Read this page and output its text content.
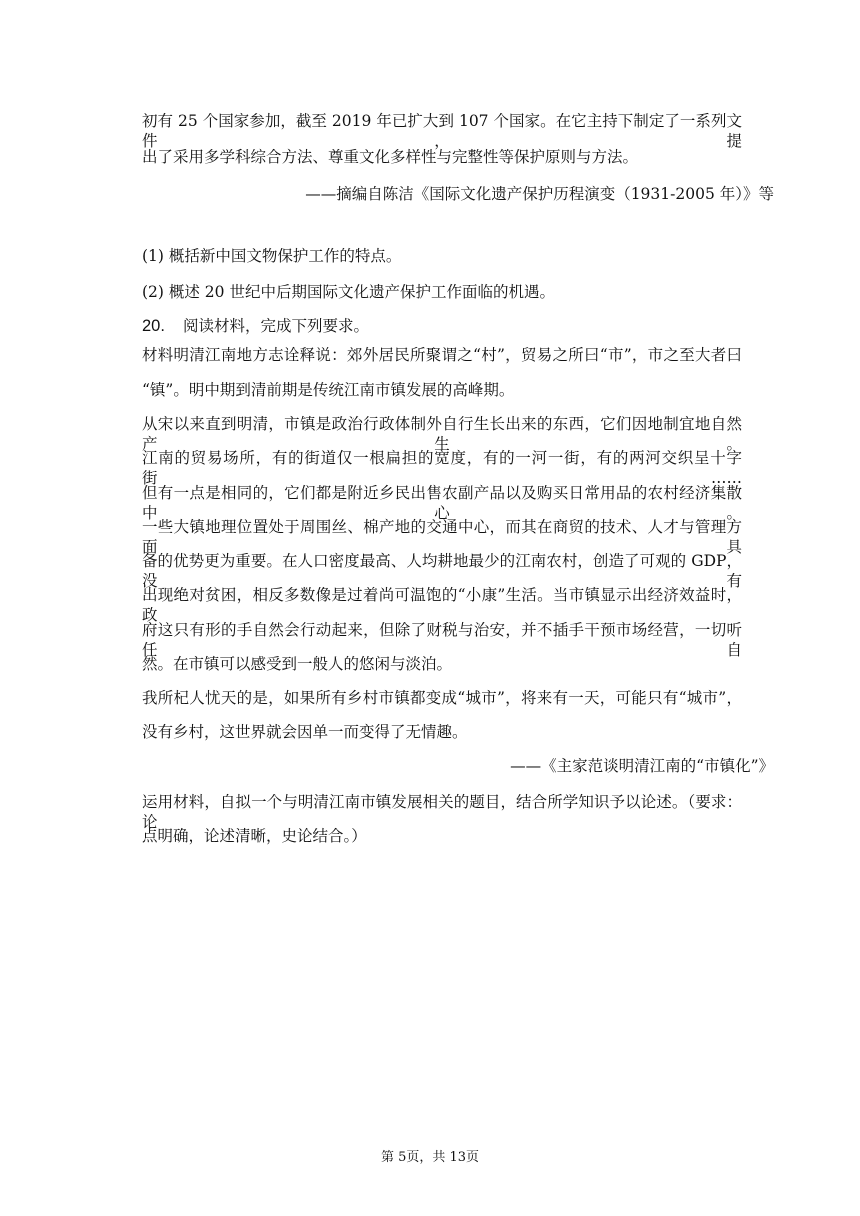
初有 25 个国家参加，截至 2019 年已扩大到 107 个国家。在它主持下制定了一系列文件，提
出了采用多学科综合方法、尊重文化多样性与完整性等保护原则与方法。
——摘编自陈洁《国际文化遗产保护历程演变（1931-2005 年）》等
(1) 概括新中国文物保护工作的特点。
(2) 概述 20 世纪中后期国际文化遗产保护工作面临的机遇。
20. 阅读材料，完成下列要求。
材料明清江南地方志诠释说：郊外居民所聚谓之“村”，贸易之所曰“市”，市之至大者曰
“镇”。明中期到清前期是传统江南市镇发展的高峰期。
从宋以来直到明清，市镇是政治行政体制外自行生长出来的东西，它们因地制宜地自然产生。
江南的贸易场所，有的街道仅一根扁担的宽度，有的一河一街，有的两河交织呈十字街……
但有一点是相同的，它们都是附近乡民出售农副产品以及购买日常用品的农村经济集散中心。
一些大镇地理位置处于周围丝、棉产地的交通中心，而其在商贸的技术、人才与管理方面具
备的优势更为重要。在人口密度最高、人均耕地最少的江南农村，创造了可观的 GDP，没有
出现绝对贫困，相反多数像是过着尚可温饱的“小康”生活。当市镇显示出经济效益时，政
府这只有形的手自然会行动起来，但除了财税与治安，并不插手干预市场经营，一切听任自
然。在市镇可以感受到一般人的悠闲与淡泊。
我所杞人忧天的是，如果所有乡村市镇都变成“城市”，将来有一天，可能只有“城市”，
没有乡村，这世界就会因单一而变得了无情趣。
——《主家范谈明清江南的“市镇化”》
运用材料，自拟一个与明清江南市镇发展相关的题目，结合所学知识予以论述。（要求：论
点明确，论述清晰，史论结合。）
第 5页，共 13页
